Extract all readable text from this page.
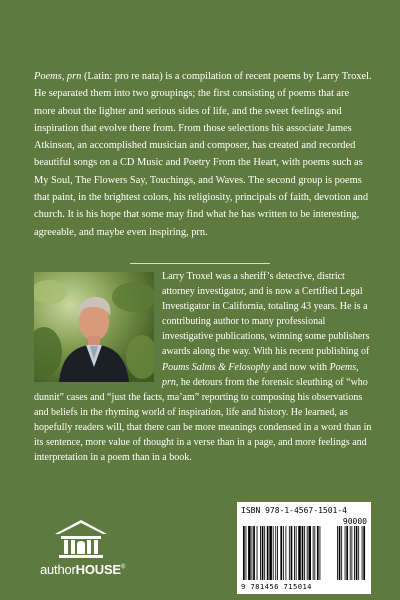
Poems, prn (Latin: pro re nata) is a compilation of recent poems by Larry Troxel. He separated them into two groupings; the first consisting of poems that are more about the lighter and serious sides of life, and the sweet feelings and inspiration that evolve there from. From those selections his associate James Atkinson, an accomplished musician and composer, has created and recorded beautiful songs on a CD Music and Poetry From the Heart, with poems such as My Soul, The Flowers Say, Touchings, and Waves. The second group is poems that paint, in the brightest colors, his religiosity, principals of faith, devotion and church. It is his hope that some may find what he has written to be interesting, agreeable, and maybe even inspiring, prn.
Larry Troxel was a sheriff’s detective, district attorney investigator, and is now a Certified Legal Investigator in California, totaling 43 years. He is a contributing author to many professional investigative publications, winning some publishers awards along the way. With his recent publishing of Poums Salms & Felosophy and now with Poems, prn, he detours from the forensic sleuthing of “who dunnit” cases and “just the facts, ma’am” reporting to composing his observations and beliefs in the rhyming world of inspiration, life and history. He learned, as hopefully readers will, that there can be more meanings condensed in a word than in its sentence, more value of thought in a verse than in a page, and more feelings and interpretation in a poem than in a book.
authorHOUSE®
ISBN 978-1-4567-1501-4
90000
9 781456 715014
